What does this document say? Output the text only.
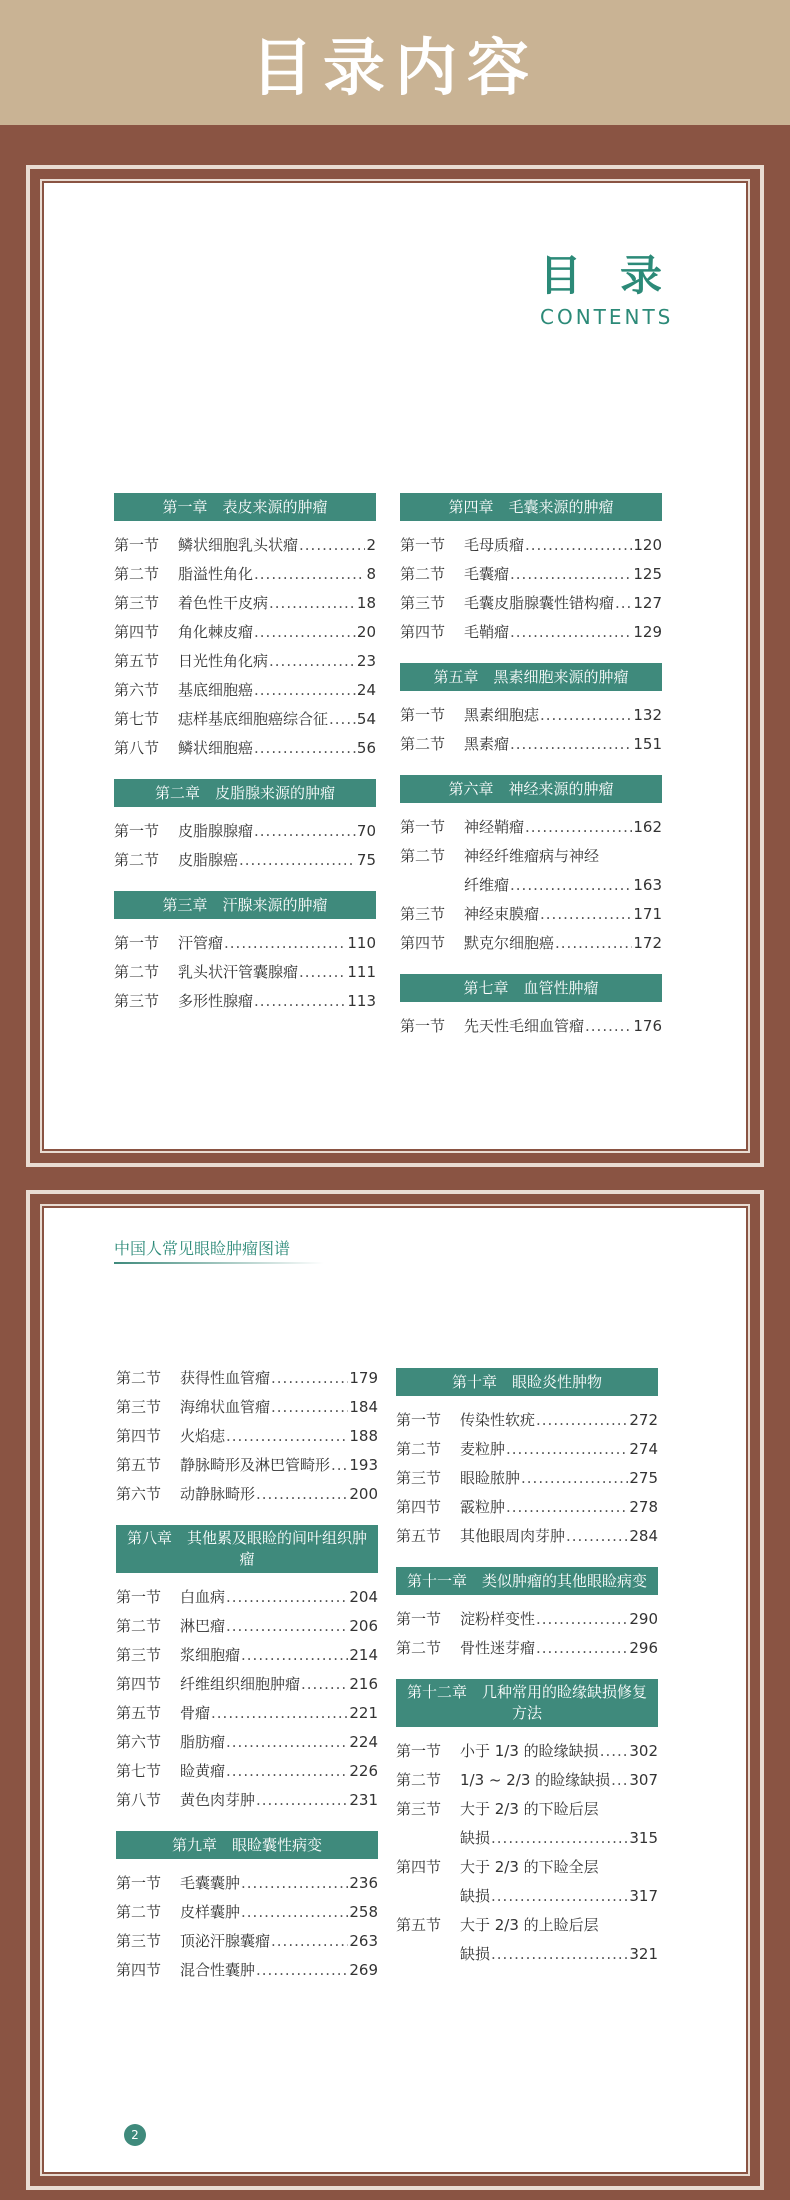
目录内容
目 录
CONTENTS
第一章　表皮来源的肿瘤
第一节	鳞状细胞乳头状瘤 .....	2
第二节	脂溢性角化 .....	8
第三节	着色性干皮病 .....	18
第四节	角化棘皮瘤 .....	20
第五节	日光性角化病 .....	23
第六节	基底细胞癌 .....	24
第七节	痣样基底细胞癌综合征 ..... 54
第八节	鳞状细胞癌 .....	56
第二章　皮脂腺来源的肿瘤
第一节	皮脂腺腺瘤 .....	70
第二节	皮脂腺癌 .....	75
第三章　汗腺来源的肿瘤
第一节	汗管瘤 .....	110
第二节	乳头状汗管囊腺瘤 .....	111
第三节	多形性腺瘤 .....	113
第四章　毛囊来源的肿瘤
第一节	毛母质瘤 .....	120
第二节	毛囊瘤 .....	125
第三节	毛囊皮脂腺囊性错构瘤 ..... 127
第四节	毛鞘瘤 .....	129
第五章　黑素细胞来源的肿瘤
第一节	黑素细胞痣 .....	132
第二节	黑素瘤 .....	151
第六章　神经来源的肿瘤
第一节	神经鞘瘤 .....	162
第二节	神经纤维瘤病与神经
纤维瘤 .....	163
第三节	神经束膜瘤 .....	171
第四节	默克尔细胞癌 .....	172
第七章　血管性肿瘤
第一节	先天性毛细血管瘤 .....	176
中国人常见眼睑肿瘤图谱
第二节	获得性血管瘤 .....	179
第三节	海绵状血管瘤 .....	184
第四节	火焰痣 .....	188
第五节	静脉畸形及淋巴管畸形 ..... 193
第六节	动静脉畸形 .....	200
第八章　其他累及眼睑的间叶组织肿瘤
第一节	白血病 .....	204
第二节	淋巴瘤 .....	206
第三节	浆细胞瘤 .....	214
第四节	纤维组织细胞肿瘤 .....	216
第五节	骨瘤 .....	221
第六节	脂肪瘤 .....	224
第七节	睑黄瘤 .....	226
第八节	黄色肉芽肿 .....	231
第九章　眼睑囊性病变
第一节	毛囊囊肿 .....	236
第二节	皮样囊肿 .....	258
第三节	顶泌汗腺囊瘤 .....	263
第四节	混合性囊肿 .....	269
第十章　眼睑炎性肿物
第一节	传染性软疣 .....	272
第二节	麦粒肿 .....	274
第三节	眼睑脓肿 .....	275
第四节	霰粒肿 .....	278
第五节	其他眼周肉芽肿 .....	284
第十一章　类似肿瘤的其他眼睑病变
第一节	淀粉样变性 .....	290
第二节	骨性迷芽瘤 .....	296
第十二章　几种常用的睑缘缺损修复方法
第一节	小于 1/3 的睑缘缺损 ..... 302
第二节	1/3 ~ 2/3 的睑缘缺损 ..... 307
第三节	大于 2/3 的下睑后层
缺损 .....	315
第四节	大于 2/3 的下睑全层
缺损 .....	317
第五节	大于 2/3 的上睑后层
缺损 .....	321
2
